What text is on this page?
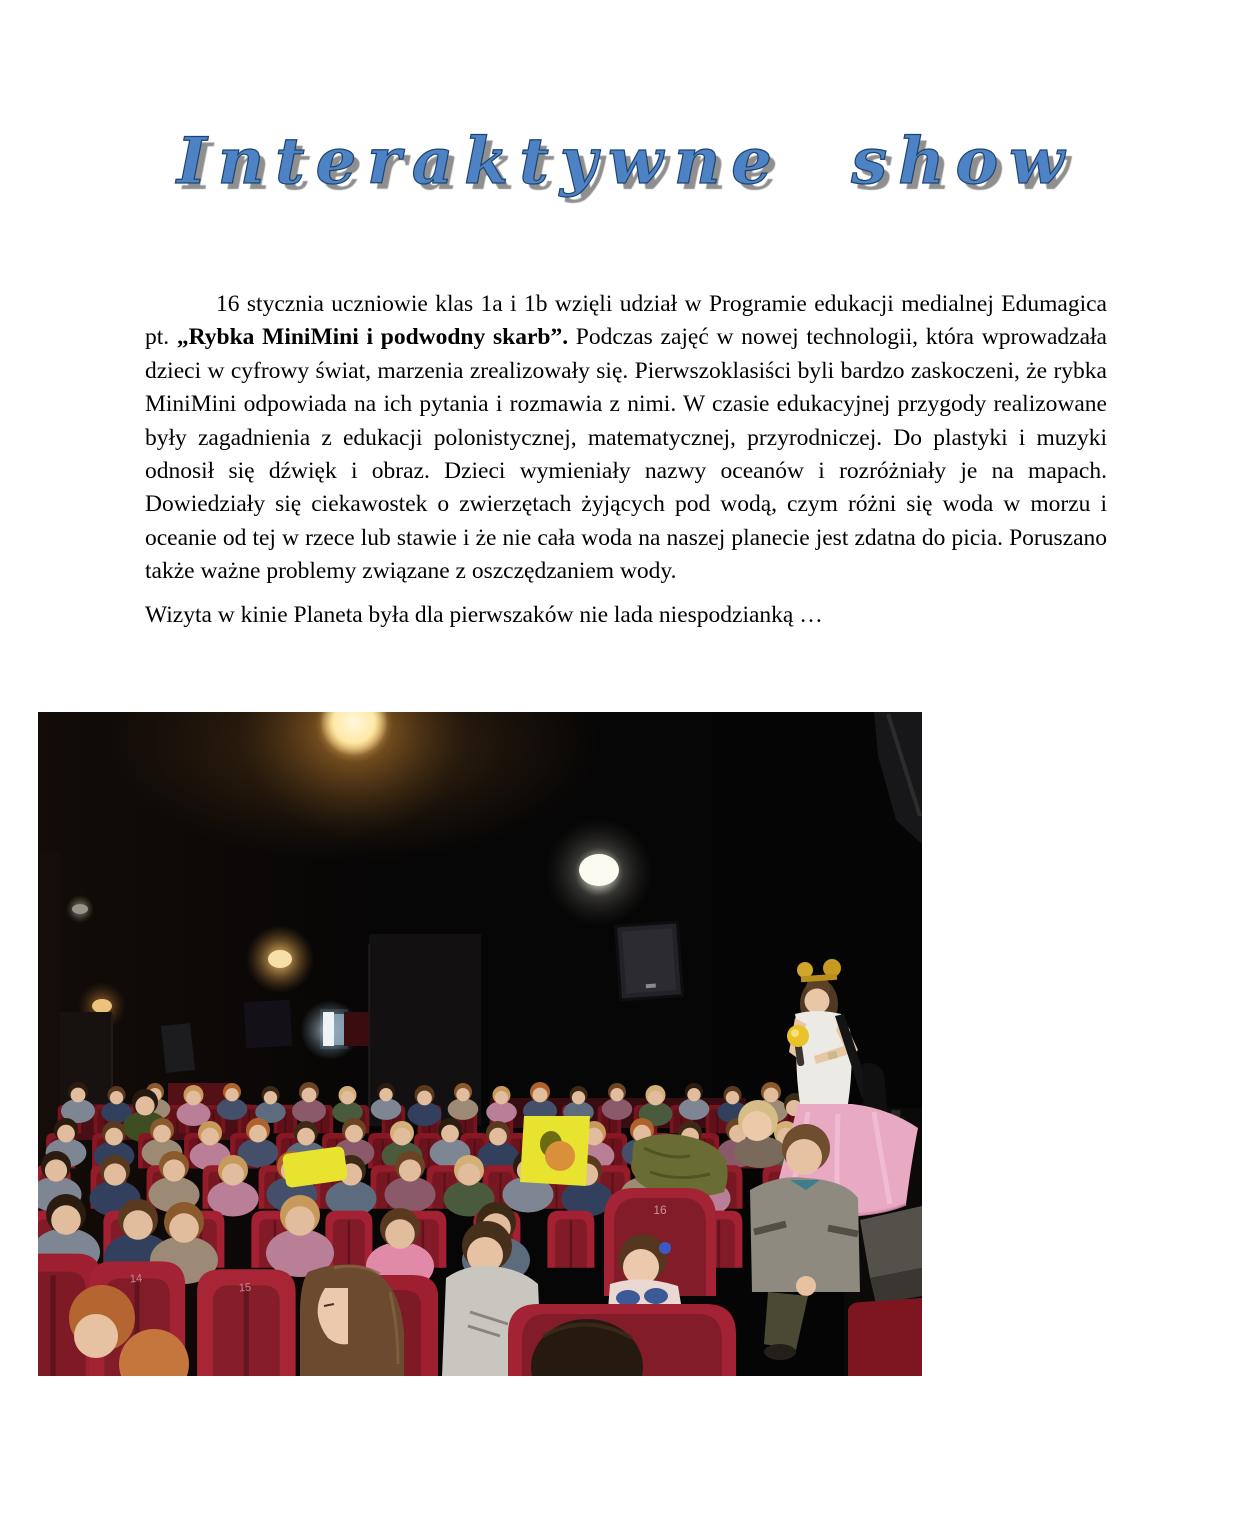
Interaktywne show

16 stycznia uczniowie klas 1a i 1b wzięli udział w Programie edukacji medialnej Edumagica pt. „Rybka MiniMini i podwodny skarb”. Podczas zajęć w nowej technologii, która wprowadzała dzieci w cyfrowy świat, marzenia zrealizowały się. Pierwszoklasiści byli bardzo zaskoczeni, że rybka MiniMini odpowiada na ich pytania i rozmawia z nimi. W czasie edukacyjnej przygody realizowane były zagadnienia z edukacji polonistycznej, matematycznej, przyrodniczej. Do plastyki i muzyki odnosił się dźwięk i obraz. Dzieci wymieniały nazwy oceanów i rozróżniały je na mapach. Dowiedziały się ciekawostek o zwierzętach żyjących pod wodą, czym różni się woda w morzu i oceanie od tej w rzece lub stawie i że nie cała woda na naszej planecie jest zdatna do picia. Poruszano także ważne problemy związane z oszczędzaniem wody.

Wizyta w kinie Planeta była dla pierwszaków nie lada niespodzianką …

16
14
15
